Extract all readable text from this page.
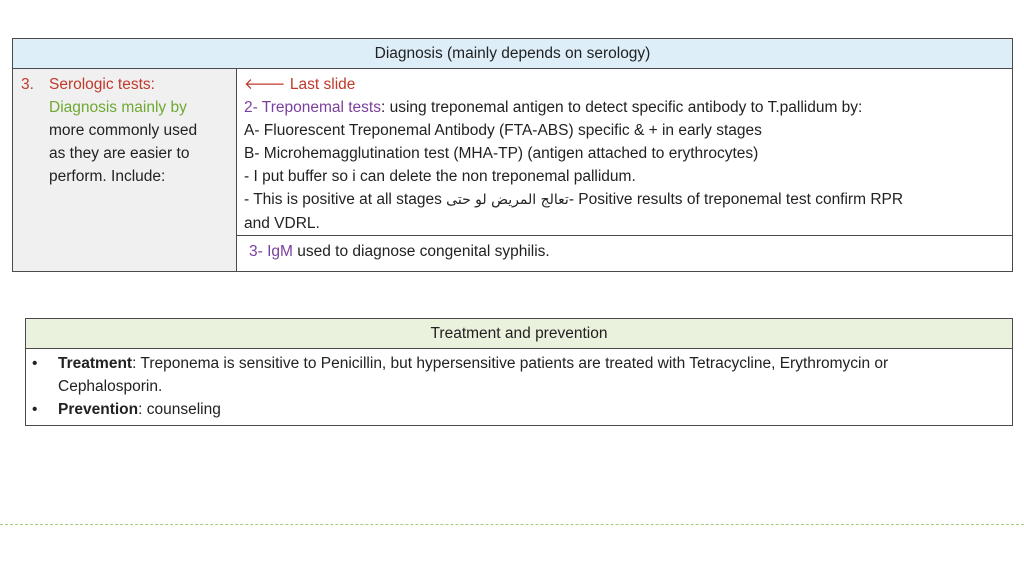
Diagnosis (mainly depends on serology)
3. Serologic tests:
Diagnosis mainly by
more commonly used
as they are easier to
perform. Include:
🡐 Last slide
2- Treponemal tests: using treponemal antigen to detect specific antibody to T.pallidum by:
A- Fluorescent Treponemal Antibody (FTA-ABS) specific & + in early stages
B- Microhemagglutination test (MHA-TP) (antigen attached to erythrocytes)
- I put buffer so i can delete the non treponemal pallidum.
- This is positive at all stages تعالج المريض لو حتى- Positive results of treponemal test confirm RPR
and VDRL.
3- IgM used to diagnose congenital syphilis.
Treatment and prevention
•	Treatment: Treponema is sensitive to Penicillin, but hypersensitive patients are treated with Tetracycline, Erythromycin or
Cephalosporin.
•	Prevention: counseling
